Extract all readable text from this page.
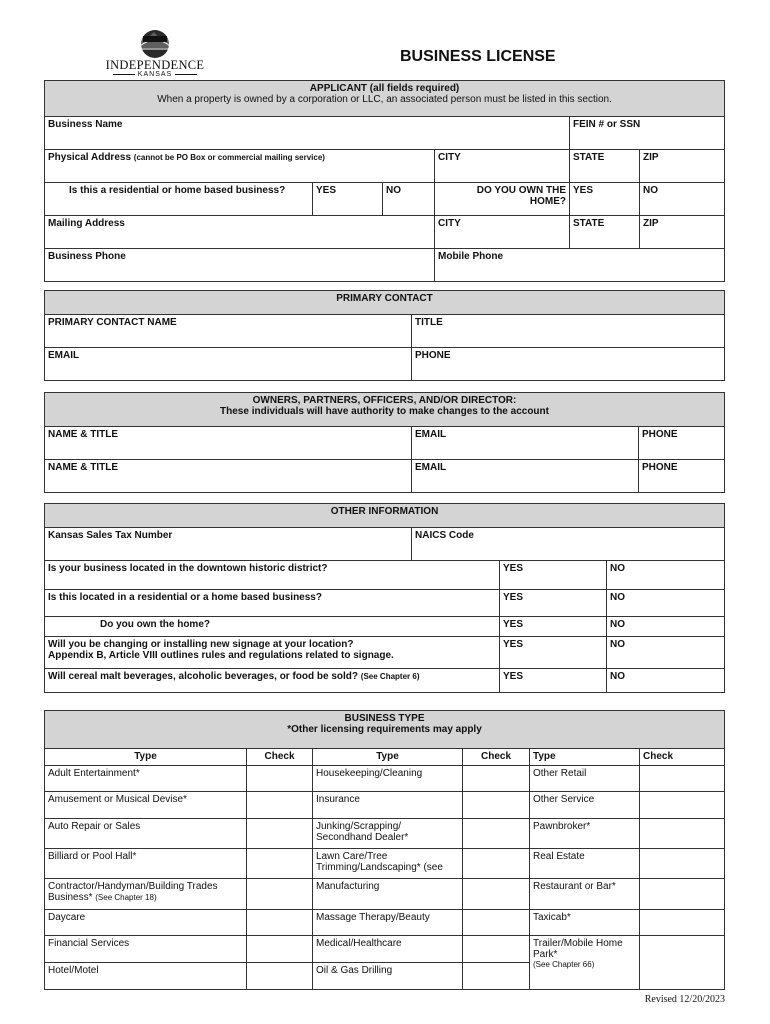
INDEPENDENCE
KANSAS
BUSINESS LICENSE
APPLICANT (all fields required)
When a property is owned by a corporation or LLC, an associated person must be listed in this section.					

Business Name				FEIN # or SSN	
Physical Address (cannot be PO Box or commercial mailing service)			CITY	STATE	ZIP
Is this a residential or home based business?	YES	NO	DO YOU OWN THE HOME?	YES	NO
Mailing Address			CITY	STATE	ZIP
Business Phone			Mobile Phone		
PRIMARY CONTACT	
PRIMARY CONTACT NAME	TITLE
EMAIL	PHONE
OWNERS, PARTNERS, OFFICERS, AND/OR DIRECTOR:
These individuals will have authority to make changes to the account		

NAME & TITLE	EMAIL	PHONE
NAME & TITLE	EMAIL	PHONE
OTHER INFORMATION			
Kansas Sales Tax Number	NAICS Code		
Is your business located in the downtown historic district?		YES	NO
Is this located in a residential or a home based business?		YES	NO
Do you own the home?		YES	NO

Will you be changing or installing new signage at your location?
Appendix B, Article VIII outlines rules and regulations related to signage.		YES	NO
Will cereal malt beverages, alcoholic beverages, or food be sold? (See Chapter 6)		YES	NO
BUSINESS TYPE
*Other licensing requirements may apply					

Type	Check	Type	Check	Type	Check
Adult Entertainment*		Housekeeping/Cleaning		Other Retail	
Amusement or Musical Devise*		Insurance		Other Service	
Auto Repair or Sales		Junking/Scrapping/ Secondhand Dealer*		Pawnbroker*	
Billiard or Pool Hall*		Lawn Care/Tree Trimming/Landscaping* (see		Real Estate	
Contractor/Handyman/Building Trades Business* (See Chapter 18)		Manufacturing		Restaurant or Bar*	
Daycare		Massage Therapy/Beauty		Taxicab*	
Financial Services		Medical/Healthcare		Trailer/Mobile Home Park*
(See Chapter 66)	

Hotel/Motel		Oil & Gas Drilling			
Revised 12/20/2023
